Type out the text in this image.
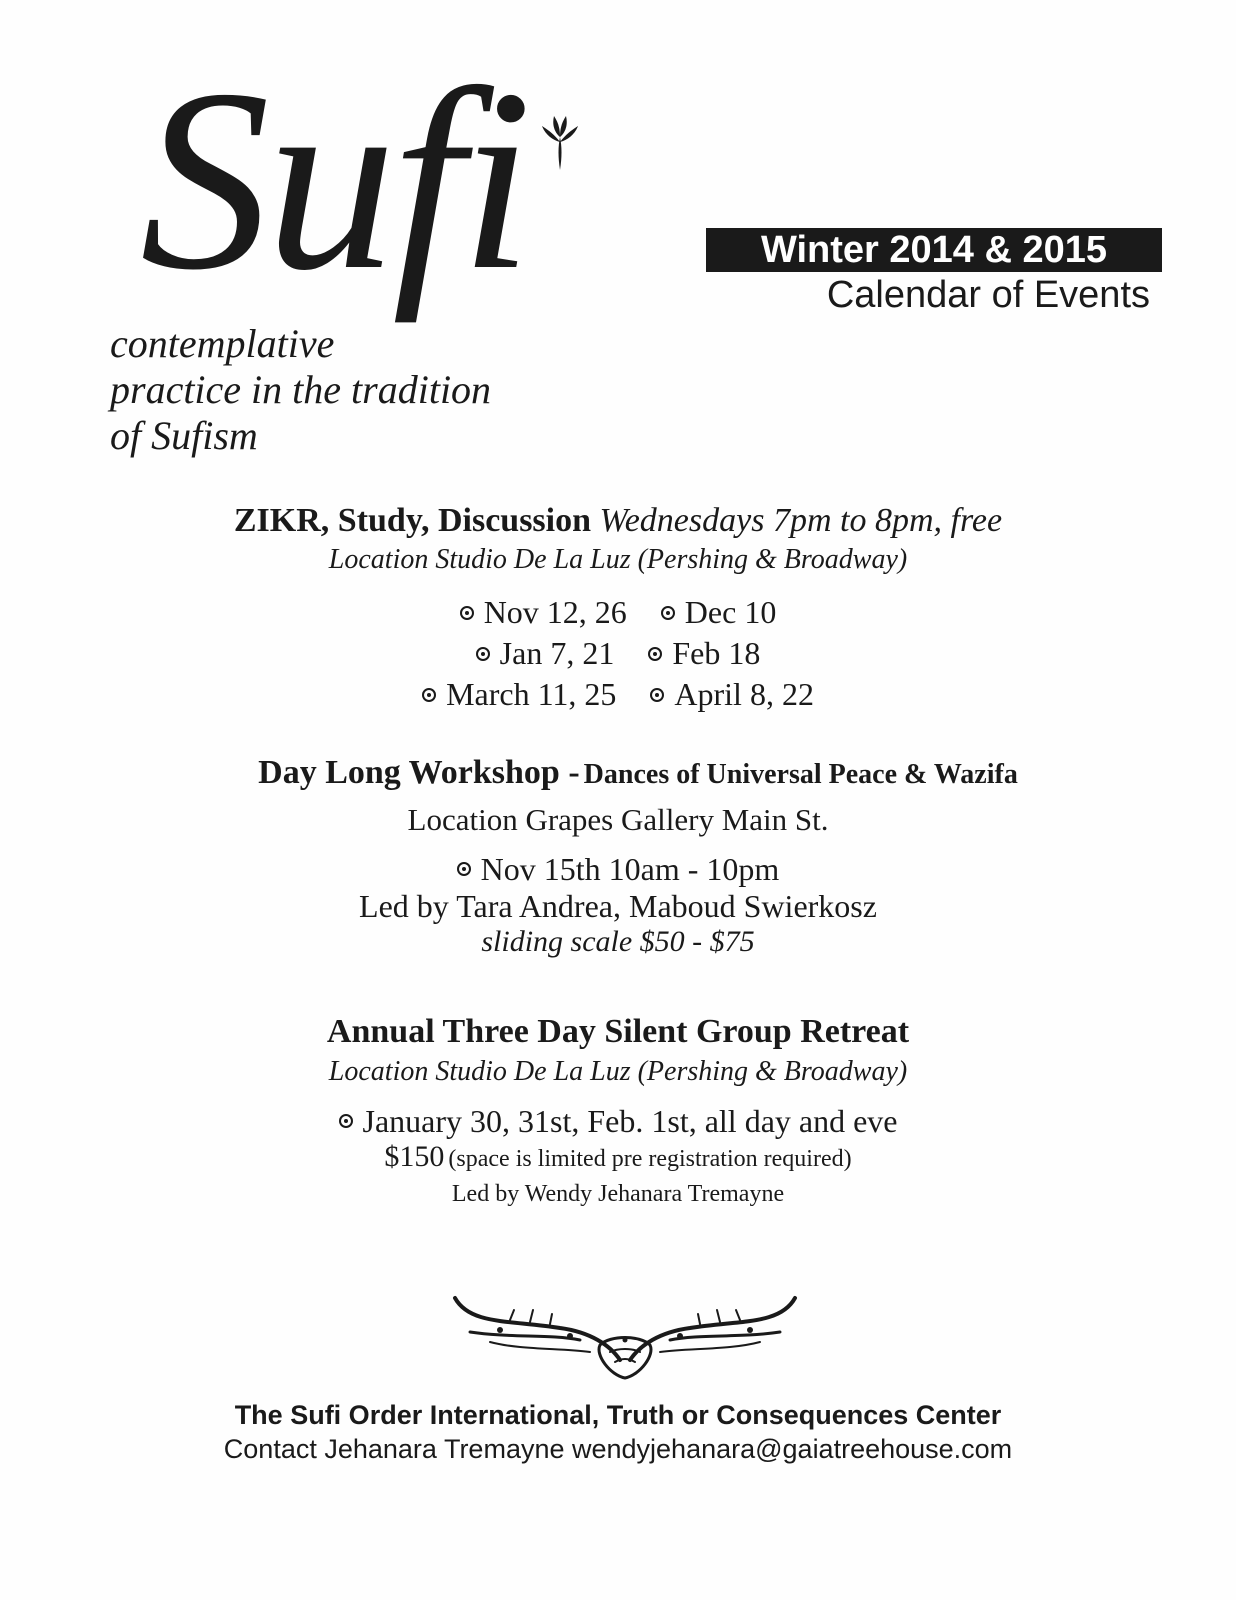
Sufi
contemplative
practice in the tradition
of Sufism
Winter 2014 & 2015
Calendar of Events
ZIKR, Study, Discussion Wednesdays 7pm to 8pm, free
Location Studio De La Luz (Pershing & Broadway)
Nov 12, 26 Dec 10
Jan 7, 21 Feb 18
March 11, 25 April 8, 22
Day Long Workshop - Dances of Universal Peace & Wazifa
Location Grapes Gallery Main St.
Nov 15th 10am - 10pm
Led by Tara Andrea, Maboud Swierkosz
sliding scale $50 - $75
Annual Three Day Silent Group Retreat
Location Studio De La Luz (Pershing & Broadway)
January 30, 31st, Feb. 1st, all day and eve
$150 (space is limited pre registration required)
Led by Wendy Jehanara Tremayne
The Sufi Order International, Truth or Consequences Center
Contact Jehanara Tremayne wendyjehanara@gaiatreehouse.com
